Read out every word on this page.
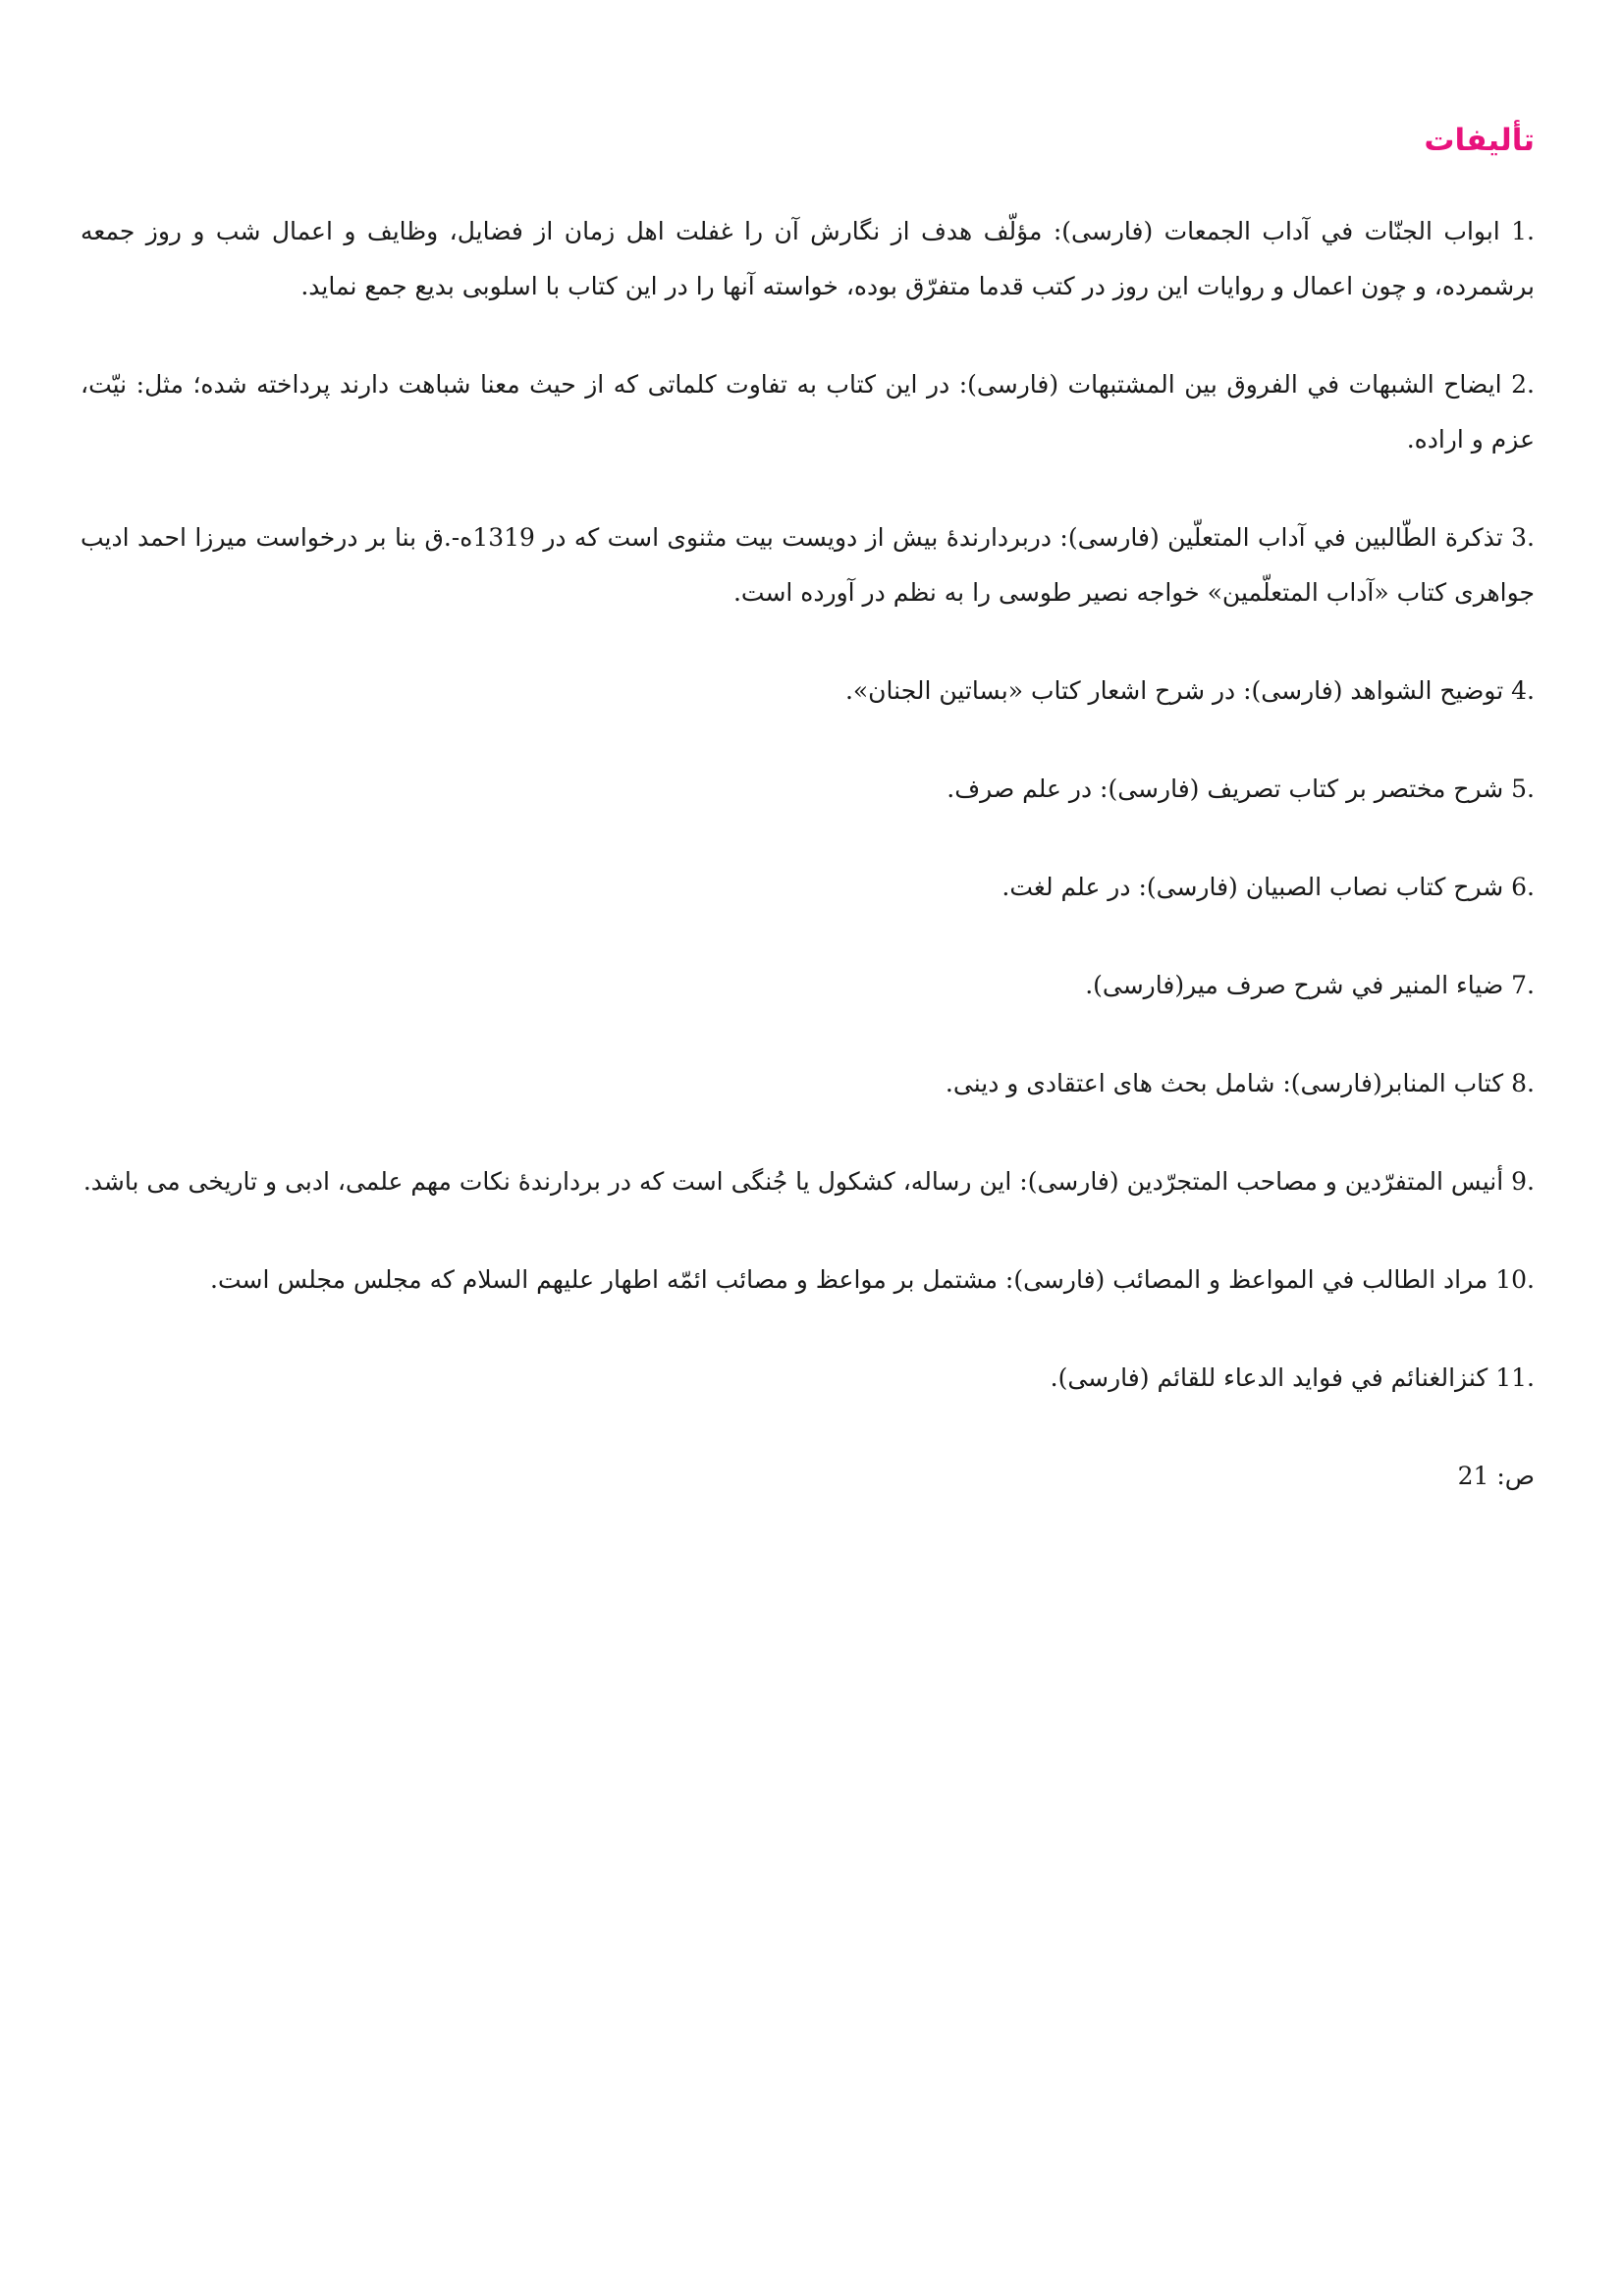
تألیفات
1. ابواب الجنّات في آداب الجمعات (فارسی): مؤلّف هدف از نگارش آن را غفلت اهل زمان از فضایل، وظایف و اعمال شب و روز جمعه برشمرده، و چون اعمال و روایات این روز در کتب قدما متفرّق بوده، خواسته آنها را در این کتاب با اسلوبی بدیع جمع نماید.
2. ایضاح الشبهات في الفروق بین المشتبهات (فارسی): در این کتاب به تفاوت کلماتی که از حیث معنا شباهت دارند پرداخته شده؛ مثل: نیّت، عزم و اراده.
3. تذکرة الطّالبین في آداب المتعلّین (فارسی): دربردارندۀ بیش از دویست بیت مثنوی است که در 1319ه-.ق بنا بر درخواست میرزا احمد ادیب جواهری کتاب «آداب المتعلّمین» خواجه نصیر طوسی را به نظم در آورده است.
4. توضیح الشواهد (فارسی): در شرح اشعار کتاب «بساتین الجنان».
5. شرح مختصر بر کتاب تصریف (فارسی): در علم صرف.
6. شرح کتاب نصاب الصبیان (فارسی): در علم لغت.
7. ضیاء المنیر في شرح صرف میر(فارسی).
8. کتاب المنابر(فارسی): شامل بحث های اعتقادی و دینی.
9. أنیس المتفرّدین و مصاحب المتجرّدین (فارسی): این رساله، کشکول یا جُنگی است که در بردارندۀ نکات مهم علمی، ادبی و تاریخی می باشد.
10. مراد الطالب في المواعظ و المصائب (فارسی): مشتمل بر مواعظ و مصائب ائمّه اطهار علیهم السلام که مجلس مجلس است.
11. کنزالغنائم في فواید الدعاء للقائم (فارسی).
ص: 21
